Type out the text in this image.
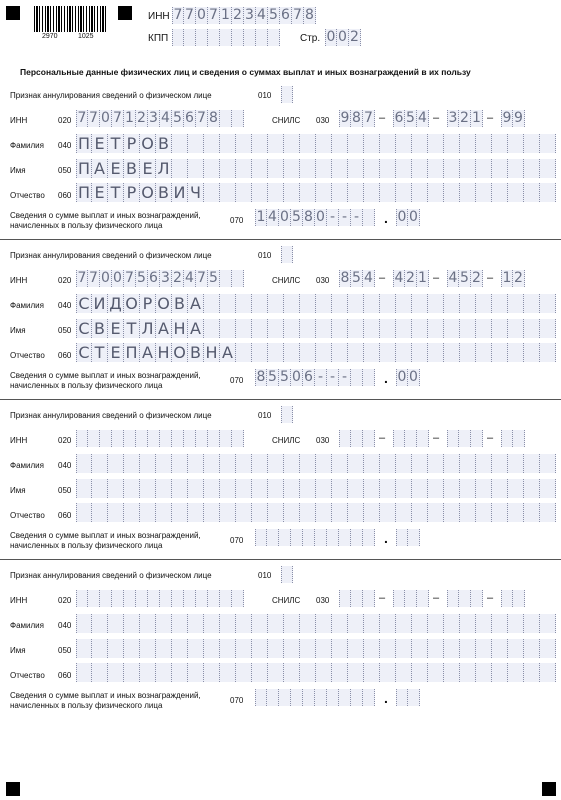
2970	1025
ИНН 7 7 0 7 1 2 3 4 5 6 7 8
КПП	Стр. 0 0 2
Персональные данные физических лиц и сведения о суммах выплат и иных вознаграждений в их пользу
Признак аннулирования сведений о физическом лице	010
ИНН	020 7 7 0 7 1 2 3 4 5 6 7 8	СНИЛС 030 9 8 7 – 6 5 4 – 3 2 1 – 9 9
Фамилия 040 П Е Т Р О В
Имя	050 П А Е В Е Л
Отчество 060 П Е Т Р О В И Ч
Сведения о сумме выплат и иных вознаграждений,
начисленных в пользу физического лица
070 1 4 0 5 8 0 - - - . 0 0
Признак аннулирования сведений о физическом лице	010
ИНН	020 7 7 0 0 7 5 6 3 2 4 7 5	СНИЛС 030 8 5 4 – 4 2 1 – 4 5 2 – 1 2
Фамилия 040 С И Д О Р О В А
Имя	050 С В Е Т Л А Н А
Отчество 060 С Т Е П А Н О В Н А
Сведения о сумме выплат и иных вознаграждений,
начисленных в пользу физического лица
070 8 5 5 0 6 - - -	. 0 0
Признак аннулирования сведений о физическом лице	010
ИНН	020	СНИЛС 030	–	–	–
Фамилия 040
Имя	050
Отчество 060
Сведения о сумме выплат и иных вознаграждений,
начисленных в пользу физического лица
070	.
Признак аннулирования сведений о физическом лице	010
ИНН	020	СНИЛС 030	–	–	–
Фамилия 040
Имя	050
Отчество 060
Сведения о сумме выплат и иных вознаграждений,
начисленных в пользу физического лица
070	.
